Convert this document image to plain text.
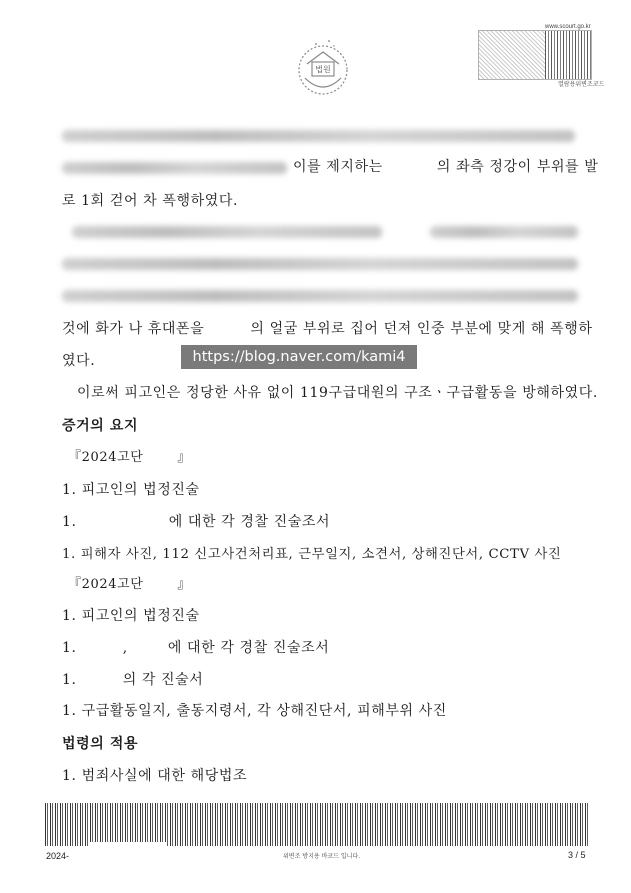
법원
www.scourt.go.kr
열람용위변조코드
이를 제지하는	의 좌측 정강이 부위를 발
로 1회 걷어 차 폭행하였다.
것에 화가 나 휴대폰을	의 얼굴 부위로 집어 던져 인중 부분에 맞게 해 폭행하
였다.	https://blog.naver.com/kami4
이로써 피고인은 정당한 사유 없이 119구급대원의 구조ㆍ구급활동을 방해하였다.
증거의 요지
『2024고단	』
1. 피고인의 법정진술
1.	에 대한 각 경찰 진술조서
1. 피해자 사진, 112 신고사건처리표, 근무일지, 소견서, 상해진단서, CCTV 사진
『2024고단	』
1. 피고인의 법정진술
1.	,	에 대한 각 경찰 진술조서
1.	의 각 진술서
1. 구급활동일지, 출동지령서, 각 상해진단서, 피해부위 사진
법령의 적용
1. 범죄사실에 대한 해당법조
2024-	위변조 방지용 바코드 입니다.	3 / 5
